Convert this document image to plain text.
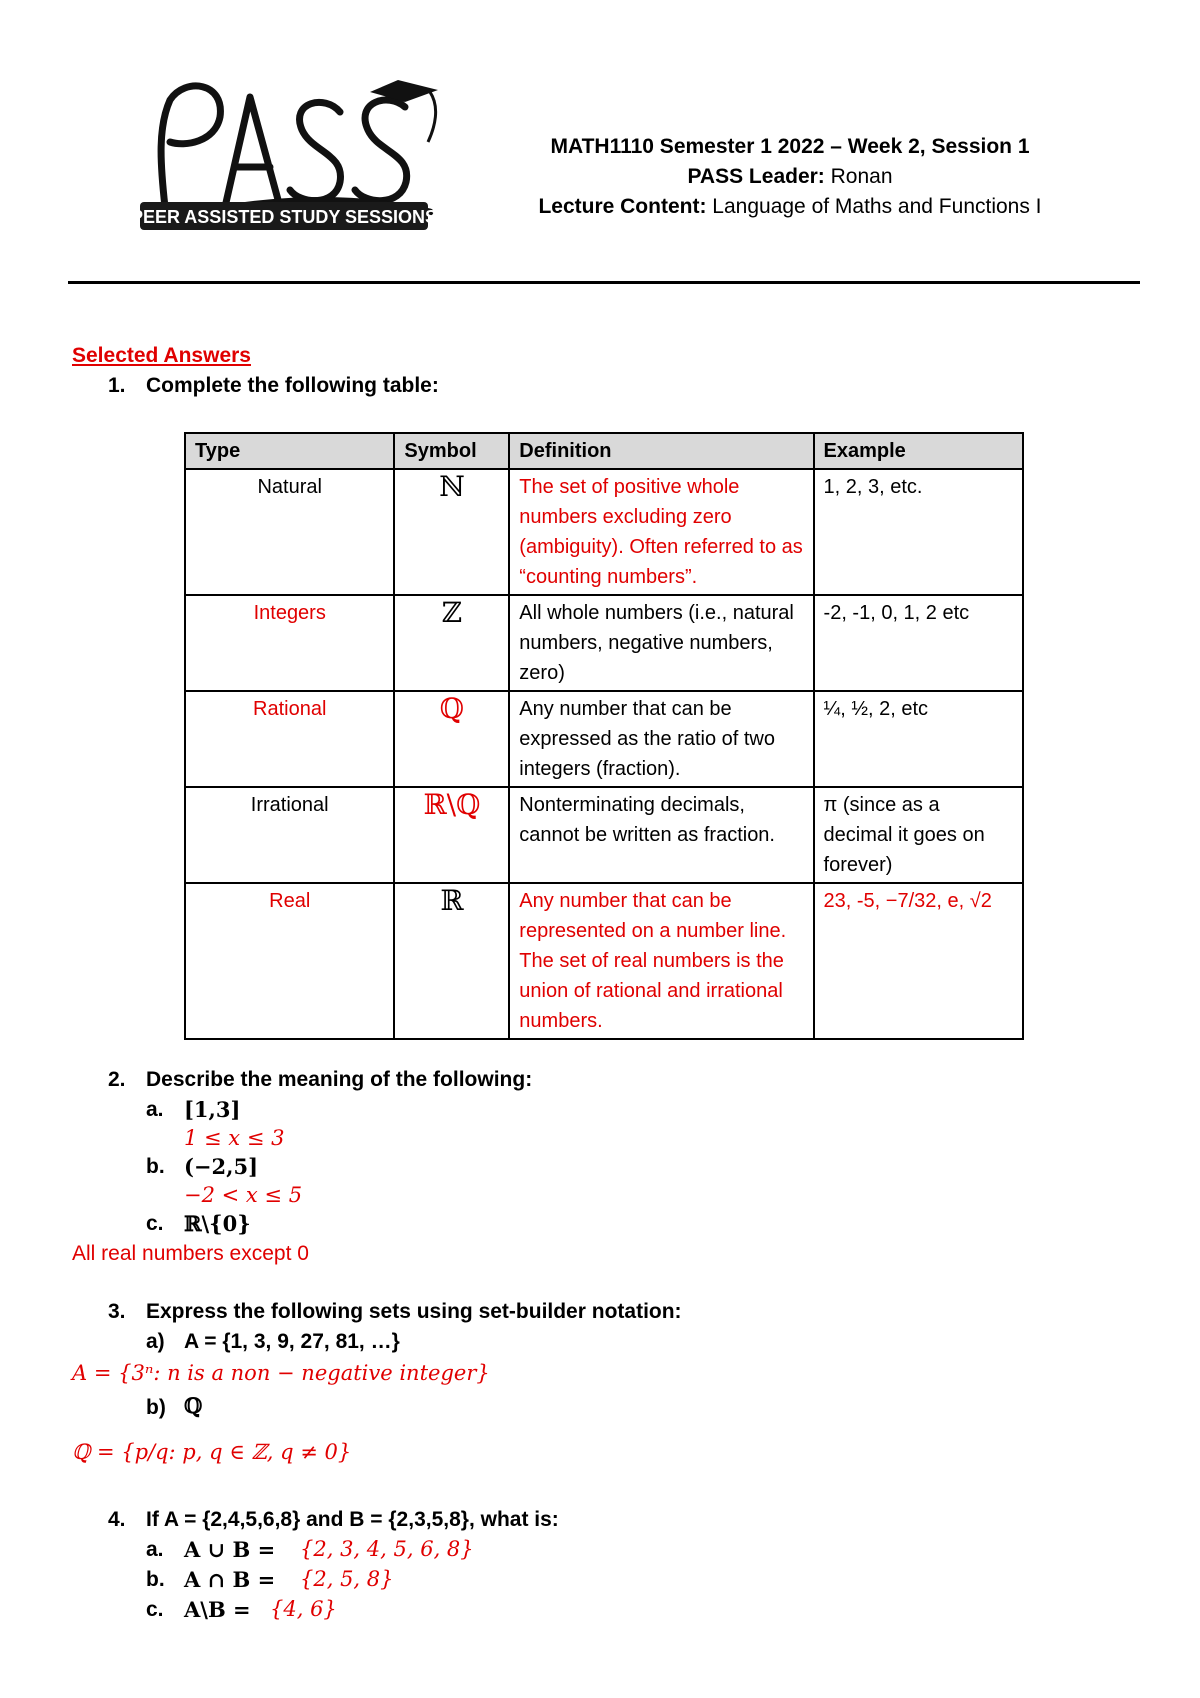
PEER ASSISTED STUDY SESSIONS
MATH1110 Semester 1 2022 – Week 2, Session 1
PASS Leader: Ronan
Lecture Content: Language of Maths and Functions I
Selected Answers
1. Complete the following table:
Type	Symbol	Definition	Example
Natural	ℕ	The set of positive whole numbers excluding zero (ambiguity). Often referred to as “counting numbers”.	1, 2, 3, etc.
Integers	ℤ	All whole numbers (i.e., natural numbers, negative numbers, zero)	-2, -1, 0, 1, 2 etc
Rational	ℚ	Any number that can be expressed as the ratio of two integers (fraction).	¼, ½, 2, etc
Irrational	ℝ\ℚ	Nonterminating decimals, cannot be written as fraction.	π (since as a decimal it goes on forever)
Real	ℝ	Any number that can be represented on a number line. The set of real numbers is the union of rational and irrational numbers.	23, -5, −7/32, e, √2
2. Describe the meaning of the following:
a. [1,3]
1 ≤ x ≤ 3
b. (−2,5]
−2 < x ≤ 5
c. ℝ\{0}
All real numbers except 0
3. Express the following sets using set-builder notation:
a) A = {1, 3, 9, 27, 81, …}
A = {3ⁿ: n is a non − negative integer}
b) ℚ
ℚ = {p/q: p, q ∈ ℤ, q ≠ 0}
4. If A = {2,4,5,6,8} and B = {2,3,5,8}, what is:
a. A ∪ B = {2, 3, 4, 5, 6, 8}
b. A ∩ B = {2, 5, 8}
c. A\B = {4, 6}
